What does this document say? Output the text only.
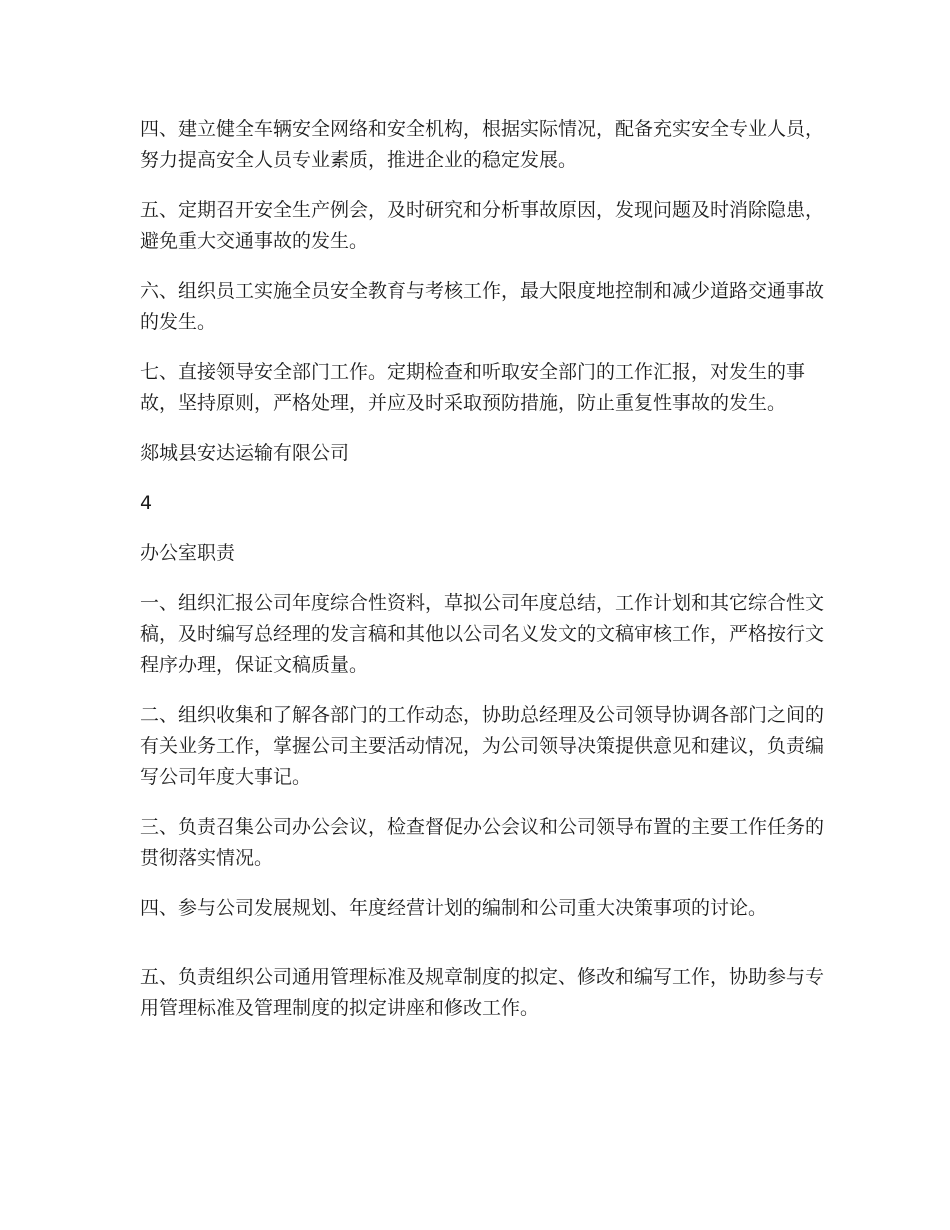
四、建立健全车辆安全网络和安全机构，根据实际情况，配备充实安全专业人员，努力提高安全人员专业素质，推进企业的稳定发展。

五、定期召开安全生产例会，及时研究和分析事故原因，发现问题及时消除隐患，避免重大交通事故的发生。

六、组织员工实施全员安全教育与考核工作，最大限度地控制和减少道路交通事故的发生。

七、直接领导安全部门工作。定期检查和听取安全部门的工作汇报，对发生的事故，坚持原则，严格处理，并应及时采取预防措施，防止重复性事故的发生。

郯城县安达运输有限公司

4

办公室职责

一、组织汇报公司年度综合性资料，草拟公司年度总结，工作计划和其它综合性文稿，及时编写总经理的发言稿和其他以公司名义发文的文稿审核工作，严格按行文程序办理，保证文稿质量。

二、组织收集和了解各部门的工作动态，协助总经理及公司领导协调各部门之间的有关业务工作，掌握公司主要活动情况，为公司领导决策提供意见和建议，负责编写公司年度大事记。

三、负责召集公司办公会议，检查督促办公会议和公司领导布置的主要工作任务的贯彻落实情况。

四、参与公司发展规划、年度经营计划的编制和公司重大决策事项的讨论。

五、负责组织公司通用管理标准及规章制度的拟定、修改和编写工作，协助参与专用管理标准及管理制度的拟定讲座和修改工作。
